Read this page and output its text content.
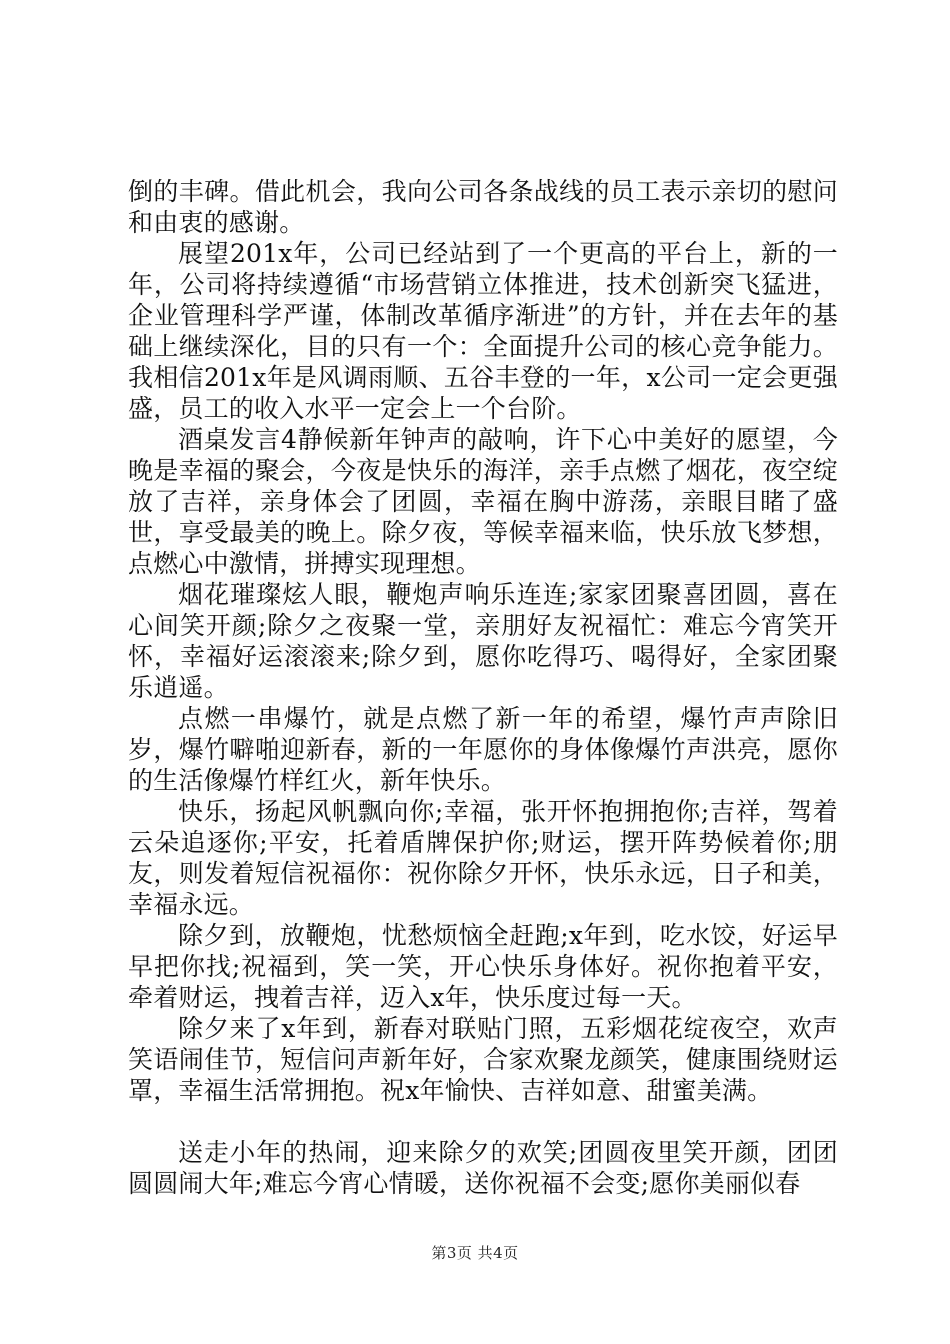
倒的丰碑。借此机会，我向公司各条战线的员工表示亲切的慰问和由衷的感谢。

展望201x年，公司已经站到了一个更高的平台上，新的一年，公司将持续遵循“市场营销立体推进，技术创新突飞猛进，企业管理科学严谨，体制改革循序渐进”的方针，并在去年的基础上继续深化，目的只有一个：全面提升公司的核心竞争能力。我相信201x年是风调雨顺、五谷丰登的一年，x公司一定会更强盛，员工的收入水平一定会上一个台阶。

酒桌发言4静候新年钟声的敲响，许下心中美好的愿望，今晚是幸福的聚会，今夜是快乐的海洋，亲手点燃了烟花，夜空绽放了吉祥，亲身体会了团圆，幸福在胸中游荡，亲眼目睹了盛世，享受最美的晚上。除夕夜，等候幸福来临，快乐放飞梦想，点燃心中激情，拼搏实现理想。

烟花璀璨炫人眼，鞭炮声响乐连连;家家团聚喜团圆，喜在心间笑开颜;除夕之夜聚一堂，亲朋好友祝福忙：难忘今宵笑开怀，幸福好运滚滚来;除夕到，愿你吃得巧、喝得好，全家团聚乐逍遥。

点燃一串爆竹，就是点燃了新一年的希望，爆竹声声除旧岁，爆竹噼啪迎新春，新的一年愿你的身体像爆竹声洪亮，愿你的生活像爆竹样红火，新年快乐。

快乐，扬起风帆飘向你;幸福，张开怀抱拥抱你;吉祥，驾着云朵追逐你;平安，托着盾牌保护你;财运，摆开阵势候着你;朋友，则发着短信祝福你：祝你除夕开怀，快乐永远，日子和美，幸福永远。

除夕到，放鞭炮，忧愁烦恼全赶跑;x年到，吃水饺，好运早早把你找;祝福到，笑一笑，开心快乐身体好。祝你抱着平安，牵着财运，拽着吉祥，迈入x年，快乐度过每一天。

除夕来了x年到，新春对联贴门照，五彩烟花绽夜空，欢声笑语闹佳节，短信问声新年好，合家欢聚龙颜笑，健康围绕财运罩，幸福生活常拥抱。祝x年愉快、吉祥如意、甜蜜美满。

送走小年的热闹，迎来除夕的欢笑;团圆夜里笑开颜，团团圆圆闹大年;难忘今宵心情暖，送你祝福不会变;愿你美丽似春

第3页 共4页
